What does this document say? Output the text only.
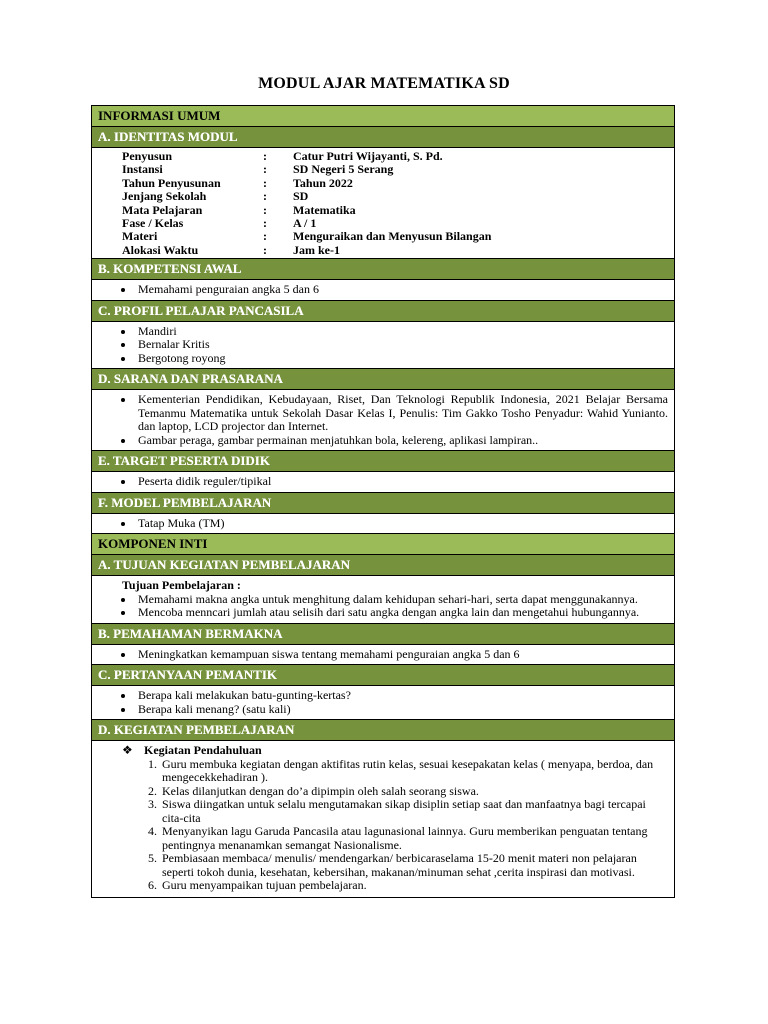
MODUL AJAR MATEMATIKA SD
INFORMASI UMUM
A. IDENTITAS MODUL
Penyusun	:	Catur Putri Wijayanti, S. Pd.
Instansi	:	SD Negeri 5 Serang
Tahun Penyusunan	:	Tahun 2022
Jenjang Sekolah	:	SD
Mata Pelajaran	:	Matematika
Fase / Kelas	:	A / 1
Materi	:	Menguraikan dan Menyusun Bilangan
Alokasi Waktu	:	Jam ke-1
B. KOMPETENSI AWAL
Memahami penguraian angka 5 dan 6
C. PROFIL PELAJAR PANCASILA
Mandiri
Bernalar Kritis
Bergotong royong
D. SARANA DAN PRASARANA
Kementerian Pendidikan, Kebudayaan, Riset, Dan Teknologi Republik Indonesia, 2021 Belajar Bersama Temanmu Matematika untuk Sekolah Dasar Kelas I, Penulis: Tim Gakko Tosho Penyadur: Wahid Yunianto. dan laptop, LCD projector dan Internet.
Gambar peraga, gambar permainan menjatuhkan bola, kelereng, aplikasi lampiran..
E. TARGET PESERTA DIDIK
Peserta didik reguler/tipikal
F. MODEL PEMBELAJARAN
Tatap Muka (TM)
KOMPONEN INTI
A. TUJUAN KEGIATAN PEMBELAJARAN
Tujuan Pembelajaran :
Memahami makna angka untuk menghitung dalam kehidupan sehari-hari, serta dapat menggunakannya.
Mencoba menncari jumlah atau selisih dari satu angka dengan angka lain dan mengetahui hubungannya.
B. PEMAHAMAN BERMAKNA
Meningkatkan kemampuan siswa tentang memahami penguraian angka 5 dan 6
C. PERTANYAAN PEMANTIK
Berapa kali melakukan batu-gunting-kertas?
Berapa kali menang? (satu kali)
D. KEGIATAN PEMBELAJARAN
❖ Kegiatan Pendahuluan
1. Guru membuka kegiatan dengan aktifitas rutin kelas, sesuai kesepakatan kelas ( menyapa, berdoa, dan mengecekkehadiran ).
2. Kelas dilanjutkan dengan do’a dipimpin oleh salah seorang siswa.
3. Siswa diingatkan untuk selalu mengutamakan sikap disiplin setiap saat dan manfaatnya bagi tercapai cita-cita
4. Menyanyikan lagu Garuda Pancasila atau lagunasional lainnya. Guru memberikan penguatan tentang pentingnya menanamkan semangat Nasionalisme.
5. Pembiasaan membaca/ menulis/ mendengarkan/ berbicaraselama 15-20 menit materi non pelajaran seperti tokoh dunia, kesehatan, kebersihan, makanan/minuman sehat ,cerita inspirasi dan motivasi.
6. Guru menyampaikan tujuan pembelajaran.
